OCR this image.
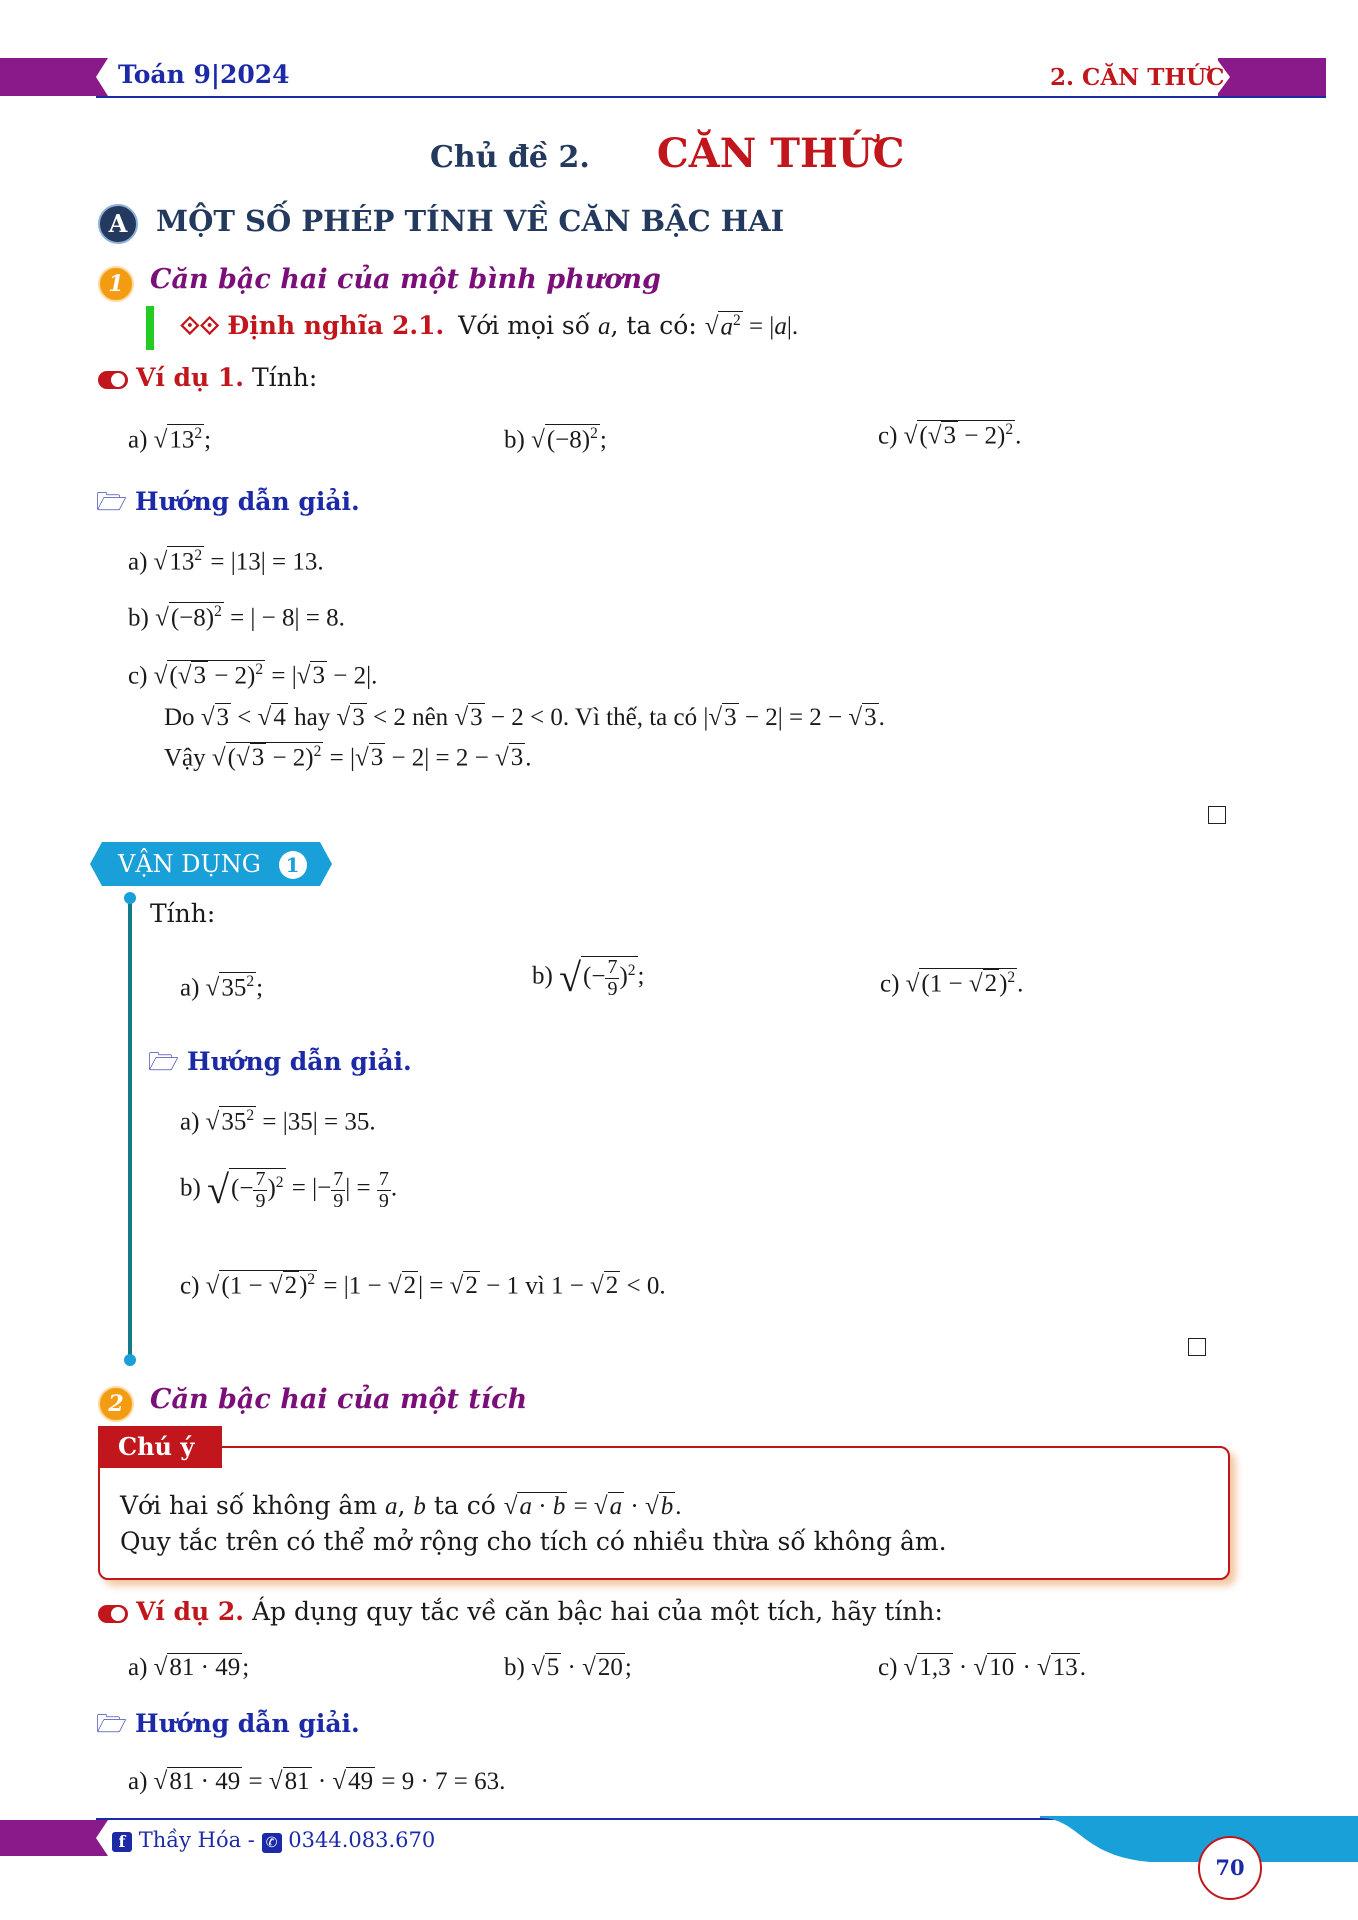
Toán 9|2024	2. CĂN THỨC
Chủ đề 2. CĂN THỨC
A MỘT SỐ PHÉP TÍNH VỀ CĂN BẬC HAI
1 Căn bậc hai của một bình phương
⟐⟐ Định nghĩa 2.1. Với mọi số a, ta có: $√a^2 = |a|$.
Ví dụ 1. Tính:
a) $√13^2$;	b) $√(-8)^2$;	c) $√(√3 - 2)^2$.
🗁 Hướng dẫn giải.
a) $√13^2 = |13| = 13$.
b) $√(-8)^2$ = | − 8| = 8.
c) $√(√3 - 2)^2 = |√3 - 2|$.
Do √3 < √4 hay √3 < 2 nên √3 − 2 < 0. Vì thế, ta có |√3 − 2| = 2 − √3.
Vậy $√(√3 - 2)^2 = |√3 - 2| = 2 - √3$.
VẬN DỤNG 1
Tính:
a) $√35^2$;	b) √(− $\frac{7}{9} )^2$;	c) $√(1 - √2)^2$.
🗁 Hướng dẫn giải.
a) $√35^2 = |35| = 35$.
b) √(− $\frac{7}{9} )^2$ = |− $\frac{7}{9}$ | = $\frac{7}{9}$ .
c) $√(1 - √2)^2 = |1 - √2| = √2 - 1$ vì 1 − √2 < 0.
2 Căn bậc hai của một tích
Chú ý
Với hai số không âm a, b ta có √a · b = √a · √b.
Quy tắc trên có thể mở rộng cho tích có nhiều thừa số không âm.
Ví dụ 2. Áp dụng quy tắc về căn bậc hai của một tích, hãy tính:
a) √81 · 49;	b) √5 · √20;	c) √1,3 · √10 · √13.
🗁 Hướng dẫn giải.
a) √81 · 49 = √81 · √49 = 9 · 7 = 63.
f Thầy Hóa - ✆ 0344.083.670
70
